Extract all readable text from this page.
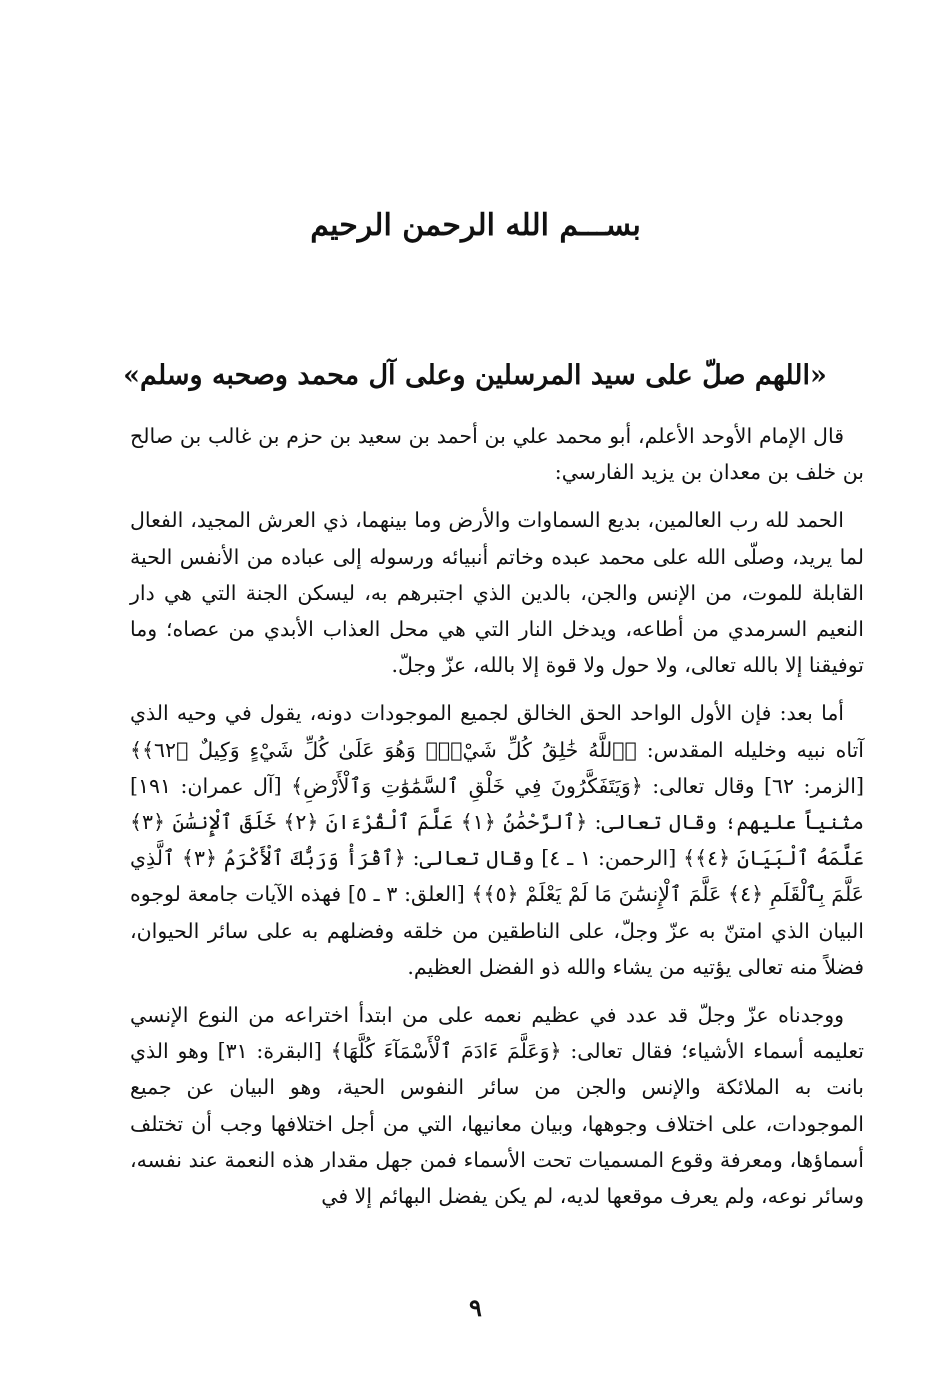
بســـم الله الرحمن الرحيم
«اللهم صلّ على سيد المرسلين وعلى آل محمد وصحبه وسلم»

قال الإمام الأوحد الأعلم، أبو محمد علي بن أحمد بن سعيد بن حزم بن غالب بن صالح بن خلف بن معدان بن يزيد الفارسي:

الحمد لله رب العالمين، بديع السماوات والأرض وما بينهما، ذي العرش المجيد، الفعال لما يريد، وصلّى الله على محمد عبده وخاتم أنبيائه ورسوله إلى عباده من الأنفس الحية القابلة للموت، من الإنس والجن، بالدين الذي اجتبرهم به، ليسكن الجنة التي هي دار النعيم السرمدي من أطاعه، ويدخل النار التي هي محل العذاب الأبدي من عصاه؛ وما توفيقنا إلا بالله تعالى، ولا حول ولا قوة إلا بالله، عزّ وجلّ.

أما بعد: فإن الأول الواحد الحق الخالق لجميع الموجودات دونه، يقول في وحيه الذي آتاه نبيه وخليله المقدس: ﴿ٱللَّهُ خَٰلِقُ كُلِّ شَيْءٍۖ وَهُوَ عَلَىٰ كُلِّ شَيْءٍ وَكِيلٌ ﴿٦٢﴾﴾ [الزمر: ٦٢] وقال تعالى: ﴿وَيَتَفَكَّرُونَ فِي خَلْقِ ٱلسَّمَٰوَٰتِ وَٱلْأَرْضِ﴾ [آل عمران: ١٩١] مثنياً عليهم؛ وقال تعالى: ﴿ٱلرَّحْمَٰنُ ﴿١﴾ عَلَّمَ ٱلْقُرْءَانَ ﴿٢﴾ خَلَقَ ٱلْإِنسَٰنَ ﴿٣﴾ عَلَّمَهُ ٱلْبَيَانَ ﴿٤﴾﴾ [الرحمن: ١ ـ ٤] وقال تعالى: ﴿ٱقْرَأْ وَرَبُّكَ ٱلْأَكْرَمُ ﴿٣﴾ ٱلَّذِي عَلَّمَ بِٱلْقَلَمِ ﴿٤﴾ عَلَّمَ ٱلْإِنسَٰنَ مَا لَمْ يَعْلَمْ ﴿٥﴾﴾ [العلق: ٣ ـ ٥] فهذه الآيات جامعة لوجوه البيان الذي امتنّ به عزّ وجلّ، على الناطقين من خلقه وفضلهم به على سائر الحيوان، فضلاً منه تعالى يؤتيه من يشاء والله ذو الفضل العظيم.

ووجدناه عزّ وجلّ قد عدد في عظيم نعمه على من ابتدأ اختراعه من النوع الإنسي تعليمه أسماء الأشياء؛ فقال تعالى: ﴿وَعَلَّمَ ءَادَمَ ٱلْأَسْمَآءَ كُلَّهَا﴾ [البقرة: ٣١] وهو الذي بانت به الملائكة والإنس والجن من سائر النفوس الحية، وهو البيان عن جميع الموجودات، على اختلاف وجوهها، وبيان معانيها، التي من أجل اختلافها وجب أن تختلف أسماؤها، ومعرفة وقوع المسميات تحت الأسماء فمن جهل مقدار هذه النعمة عند نفسه، وسائر نوعه، ولم يعرف موقعها لديه، لم يكن يفضل البهائم إلا في

٩
